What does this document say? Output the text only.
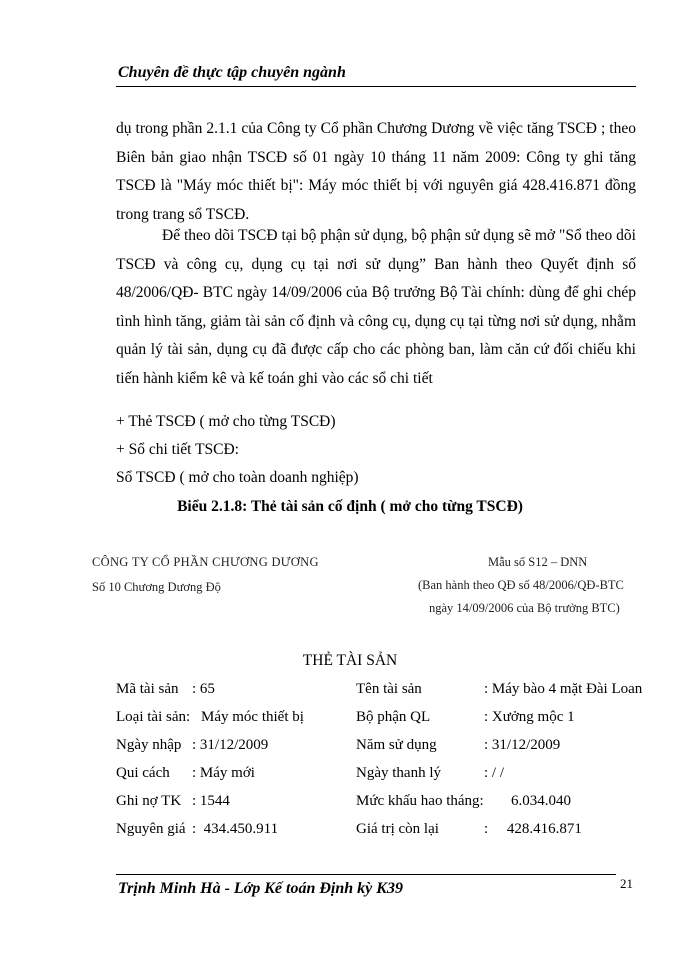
Chuyên đề thực tập chuyên ngành
dụ trong phần 2.1.1 của Công ty Cổ phần Chương Dương về việc tăng TSCĐ ; theo Biên bản giao nhận TSCĐ số 01 ngày 10 tháng 11 năm 2009: Công ty ghi tăng TSCĐ là "Máy móc thiết bị": Máy móc thiết bị với nguyên giá 428.416.871 đồng trong trang sổ TSCĐ.
Để theo dõi TSCĐ tại bộ phận sử dụng, bộ phận sử dụng sẽ mở "Sổ theo dõi TSCĐ và công cụ, dụng cụ tại nơi sử dụng” Ban hành theo Quyết định số 48/2006/QĐ- BTC ngày 14/09/2006 của Bộ trưởng Bộ Tài chính: dùng để ghi chép tình hình tăng, giảm tài sản cố định và công cụ, dụng cụ tại từng nơi sử dụng, nhằm quản lý tài sản, dụng cụ đã được cấp cho các phòng ban, làm căn cứ đối chiếu khi tiến hành kiểm kê và kế toán ghi vào các sổ chi tiết
+ Thẻ TSCĐ ( mở cho từng TSCĐ)
+ Sổ chi tiết TSCĐ:
Sổ TSCĐ ( mở cho toàn doanh nghiệp)
Biểu 2.1.8: Thẻ tài sản cố định ( mở cho từng TSCĐ)
CÔNG TY CỔ PHẦN CHƯƠNG DƯƠNG
Số 10 Chương Dương Độ
Mẫu số S12 – DNN
(Ban hành theo QĐ số 48/2006/QĐ-BTC
ngày 14/09/2006 của Bộ trưởng BTC)
THẺ TÀI SẢN
Mã tài sản : 65	Tên tài sản	: Máy bào 4 mặt Đài Loan
Loại tài sản: Máy móc thiết bị	Bộ phận QL	: Xưởng mộc 1
Ngày nhập : 31/12/2009	Năm sử dụng	: 31/12/2009
Qui cách : Máy mới	Ngày thanh lý	: / /
Ghi nợ TK : 1544	Mức khấu hao tháng: 6.034.040
Nguyên giá :  434.450.911	Giá trị còn lại	:     428.416.871
Trịnh Minh Hà - Lớp Kế toán Định kỳ K39	21
